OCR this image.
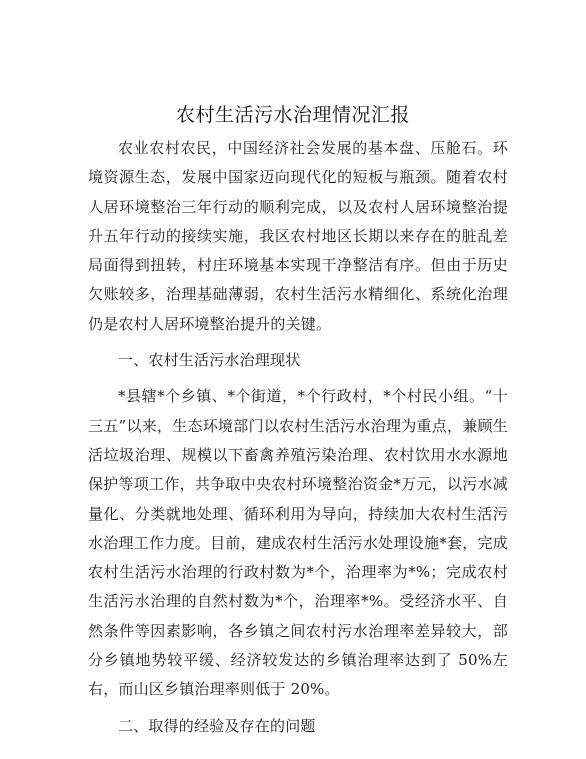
农村生活污水治理情况汇报

农业农村农民，中国经济社会发展的基本盘、压舱石。环境资源生态，发展中国家迈向现代化的短板与瓶颈。随着农村人居环境整治三年行动的顺利完成，以及农村人居环境整治提升五年行动的接续实施，我区农村地区长期以来存在的脏乱差局面得到扭转，村庄环境基本实现干净整洁有序。但由于历史欠账较多，治理基础薄弱，农村生活污水精细化、系统化治理仍是农村人居环境整治提升的关键。

一、农村生活污水治理现状

*县辖*个乡镇、*个街道，*个行政村，*个村民小组。“十三五”以来，生态环境部门以农村生活污水治理为重点，兼顾生活垃圾治理、规模以下畜禽养殖污染治理、农村饮用水水源地保护等项工作，共争取中央农村环境整治资金*万元，以污水减量化、分类就地处理、循环利用为导向，持续加大农村生活污水治理工作力度。目前，建成农村生活污水处理设施*套，完成农村生活污水治理的行政村数为*个，治理率为*%；完成农村生活污水治理的自然村数为*个，治理率*%。受经济水平、自然条件等因素影响，各乡镇之间农村污水治理率差异较大，部分乡镇地势较平缓、经济较发达的乡镇治理率达到了 50%左右，而山区乡镇治理率则低于 20%。

二、取得的经验及存在的问题
